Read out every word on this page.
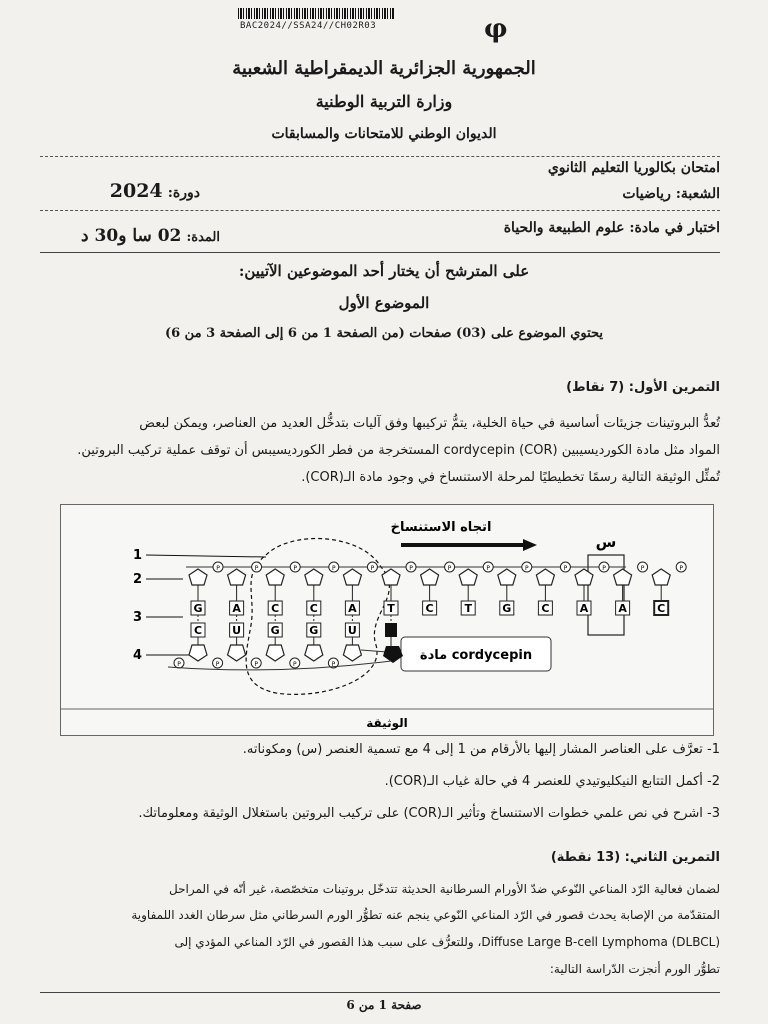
BAC2024//SSA24//CH02R03	φ
الجمهورية الجزائرية الديمقراطية الشعبية
وزارة التربية الوطنية
الديوان الوطني للامتحانات والمسابقات
امتحان بكالوريا التعليم الثانوي
الشعبة: رياضيات
دورة: 2024
اختبار في مادة: علوم الطبيعة والحياة
المدة: 02 سا و30 د
على المترشح أن يختار أحد الموضوعين الآتيين:
الموضوع الأول
يحتوي الموضوع على (03) صفحات (من الصفحة 1 من 6 إلى الصفحة 3 من 6)
التمرين الأول: (7 نقاط)
تُعدُّ البروتينات جزيئات أساسية في حياة الخلية، يتمُّ تركيبها وفق آليات بتدخُّل العديد من العناصر، ويمكن لبعض
المواد مثل مادة الكورديسيبين cordycepin (COR) المستخرجة من فطر الكورديسيبس أن توقف عملية تركيب البروتين.
تُمثِّل الوثيقة التالية رسمًا تخطيطيًا لمرحلة الاستنساخ في وجود مادة الـ(COR).
اتجاه الاستنساخ
س
1
2
3
4	مادة cordycepin
الوثيقة
P
G
P
A
P
C
P
C
P
A
P
T
P
C
P
T
P
G
P
C
P
A
P
A
P
C
C
P
U
P
G
P
G
P
U
P
1- تعرَّف على العناصر المشار إليها بالأرقام من 1 إلى 4 مع تسمية العنصر (س) ومكوناته.
2- أكمل التتابع النيكليوتيدي للعنصر 4 في حالة غياب الـ(COR).
3- اشرح في نص علمي خطوات الاستنساخ وتأثير الـ(COR) على تركيب البروتين باستغلال الوثيقة ومعلوماتك.
التمرين الثاني: (13 نقطة)
لضمان فعالية الرّد المناعي النّوعي ضدّ الأورام السرطانية الحديثة تتدخّل بروتينات متخصّصة، غير أنّه في المراحل
المتقدّمة من الإصابة يحدث قصور في الرّد المناعي النّوعي ينجم عنه تطوُّر الورم السرطاني مثل سرطان الغدد اللمفاوية
Diffuse Large B-cell Lymphoma (DLBCL)، وللتعرُّف على سبب هذا القصور في الرّد المناعي المؤدي إلى
تطوُّر الورم أنجزت الدّراسة التالية:
صفحة 1 من 6
